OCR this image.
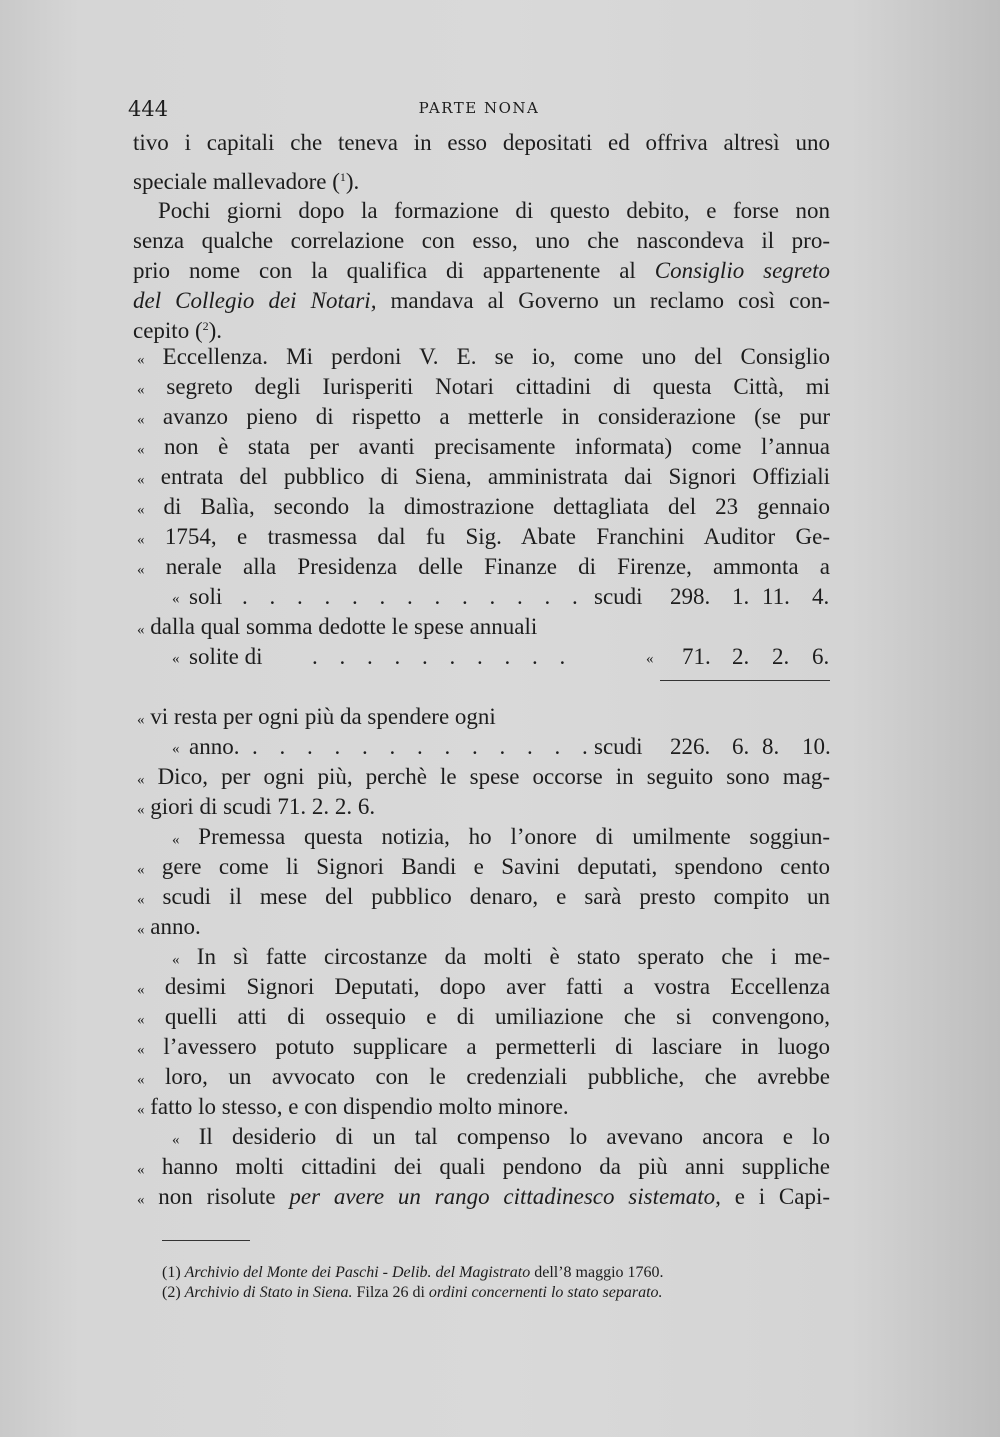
444	PARTE NONA
tivo i capitali che teneva in esso depositati ed offriva altresì uno
speciale mallevadore ($^1$).
Pochi giorni dopo la formazione di questo debito, e forse non
senza qualche correlazione con esso, uno che nascondeva il pro-
prio nome con la qualifica di appartenente al Consiglio segreto
del Collegio dei Notari, mandava al Governo un reclamo così con-
cepito ($^2$).
« Eccellenza. Mi perdoni V. E. se io, come uno del Consiglio
« segreto degli Iurisperiti Notari cittadini di questa Città, mi
« avanzo pieno di rispetto a metterle in considerazione (se pur
« non è stata per avanti precisamente informata) come l’annua
« entrata del pubblico di Siena, amministrata dai Signori Offiziali
« di Balìa, secondo la dimostrazione dettagliata del 23 gennaio
« 1754, e trasmessa dal fu Sig. Abate Franchini Auditor Ge-
« nerale alla Presidenza delle Finanze di Firenze, ammonta a
« soli . . . . . . . . . . . . . scudi 298. 1. 11. 4.
« dalla qual somma dedotte le spese annuali
« solite di . . . . . . . . . .	« 71. 2. 2. 6.
« vi resta per ogni più da spendere ogni
« anno. . . . . . . . . . . . . .
scudi 226. 6. 8. 10.
« Dico, per ogni più, perchè le spese occorse in seguito sono mag-
« giori di scudi 71. 2. 2. 6.
« Premessa questa notizia, ho l’onore di umilmente soggiun-
« gere come li Signori Bandi e Savini deputati, spendono cento
« scudi il mese del pubblico denaro, e sarà presto compito un
« anno.
« In sì fatte circostanze da molti è stato sperato che i me-
« desimi Signori Deputati, dopo aver fatti a vostra Eccellenza
« quelli atti di ossequio e di umiliazione che si convengono,
« l’avessero potuto supplicare a permetterli di lasciare in luogo
« loro, un avvocato con le credenziali pubbliche, che avrebbe
« fatto lo stesso, e con dispendio molto minore.
« Il desiderio di un tal compenso lo avevano ancora e lo
« hanno molti cittadini dei quali pendono da più anni suppliche
« non risolute per avere un rango cittadinesco sistemato, e i Capi-
(1) Archivio del Monte dei Paschi - Delib. del Magistrato dell’8 maggio 1760.
(2) Archivio di Stato in Siena. Filza 26 di ordini concernenti lo stato separato.
